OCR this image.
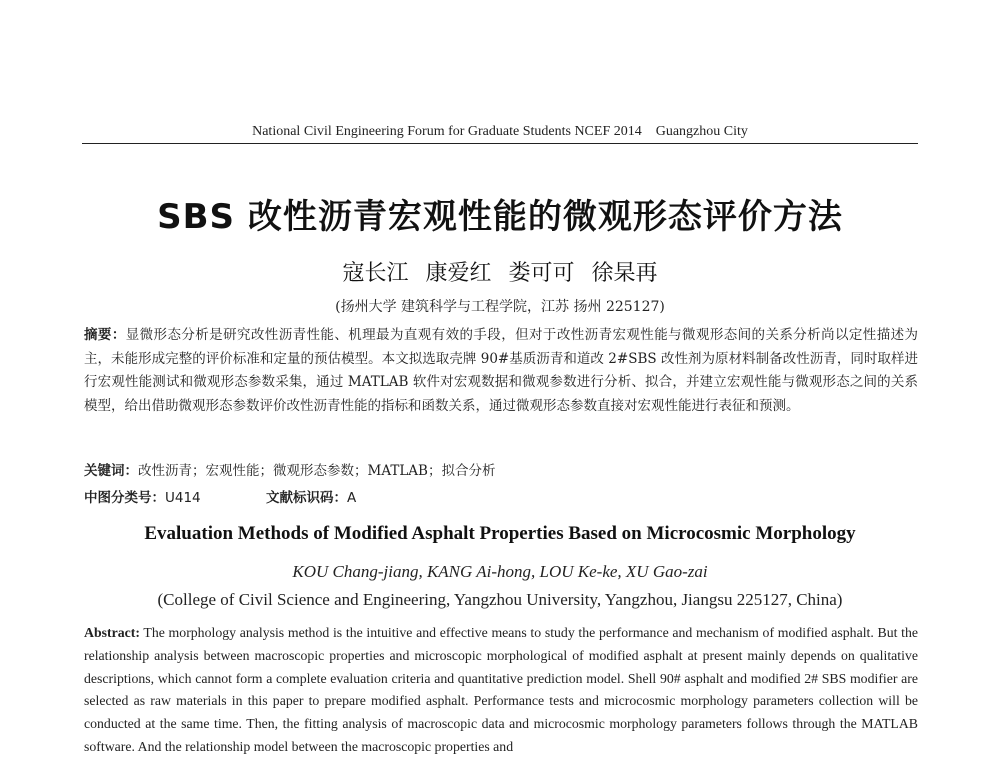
National Civil Engineering Forum for Graduate Students NCEF 2014 Guangzhou City
SBS 改性沥青宏观性能的微观形态评价方法
寇长江 康爱红 娄可可 徐杲再
(扬州大学 建筑科学与工程学院，江苏 扬州 225127)
摘要：显微形态分析是研究改性沥青性能、机理最为直观有效的手段，但对于改性沥青宏观性能与微观形态间的关系分析尚以定性描述为主，未能形成完整的评价标准和定量的预估模型。本文拟选取壳牌 90#基质沥青和道改 2#SBS 改性剂为原材料制备改性沥青，同时取样进行宏观性能测试和微观形态参数采集，通过 MATLAB 软件对宏观数据和微观参数进行分析、拟合，并建立宏观性能与微观形态之间的关系模型，给出借助微观形态参数评价改性沥青性能的指标和函数关系，通过微观形态参数直接对宏观性能进行表征和预测。
关键词：改性沥青；宏观性能；微观形态参数；MATLAB；拟合分析
中图分类号：U414	文献标识码：A
Evaluation Methods of Modified Asphalt Properties Based on Microcosmic Morphology
KOU Chang-jiang, KANG Ai-hong, LOU Ke-ke, XU Gao-zai
(College of Civil Science and Engineering, Yangzhou University, Yangzhou, Jiangsu 225127, China)
Abstract: The morphology analysis method is the intuitive and effective means to study the performance and mechanism of modified asphalt. But the relationship analysis between macroscopic properties and microscopic morphological of modified asphalt at present mainly depends on qualitative descriptions, which cannot form a complete evaluation criteria and quantitative prediction model. Shell 90# asphalt and modified 2# SBS modifier are selected as raw materials in this paper to prepare modified asphalt. Performance tests and microcosmic morphology parameters collection will be conducted at the same time. Then, the fitting analysis of macroscopic data and microcosmic morphology parameters follows through the MATLAB software. And the relationship model between the macroscopic properties and
